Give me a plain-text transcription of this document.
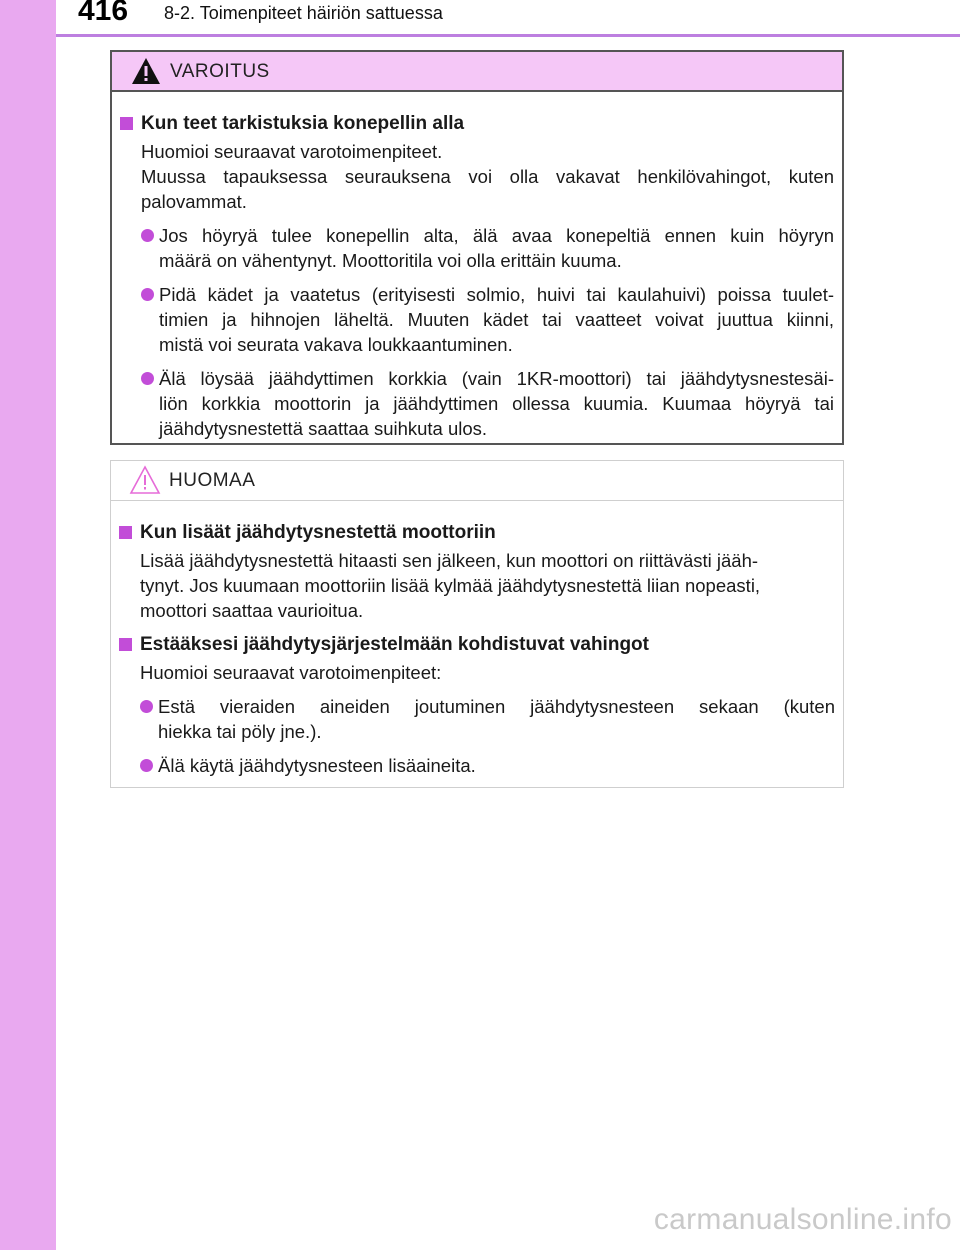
416 8-2. Toimenpiteet häiriön sattuessa
VAROITUS
Kun teet tarkistuksia konepellin alla
Huomioi seuraavat varotoimenpiteet.
Muussa  tapauksessa  seurauksena  voi  olla  vakavat  henkilövahingot,  kuten
palovammat.
Jos höyryä tulee konepellin alta, älä avaa konepeltiä ennen kuin höyryn
määrä on vähentynyt. Moottoritila voi olla erittäin kuuma.
Pidä kädet ja vaatetus (erityisesti solmio, huivi tai kaulahuivi) poissa tuulet-
timien ja hihnojen läheltä. Muuten kädet tai vaatteet voivat juuttua kiinni,
mistä voi seurata vakava loukkaantuminen.
Älä löysää jäähdyttimen korkkia (vain 1KR-moottori) tai jäähdytysnestesäi-
liön korkkia moottorin ja jäähdyttimen ollessa kuumia. Kuumaa höyryä tai
jäähdytysnestettä saattaa suihkuta ulos.
HUOMAA
Kun lisäät jäähdytysnestettä moottoriin
Lisää jäähdytysnestettä hitaasti sen jälkeen, kun moottori on riittävästi jääh-
tynyt. Jos kuumaan moottoriin lisää kylmää jäähdytysnestettä liian nopeasti,
moottori saattaa vaurioitua.
Estääksesi jäähdytysjärjestelmään kohdistuvat vahingot
Huomioi seuraavat varotoimenpiteet:
Estä vieraiden aineiden joutuminen jäähdytysnesteen sekaan (kuten
hiekka tai pöly jne.).
Älä käytä jäähdytysnesteen lisäaineita.
carmanualsonline.info
